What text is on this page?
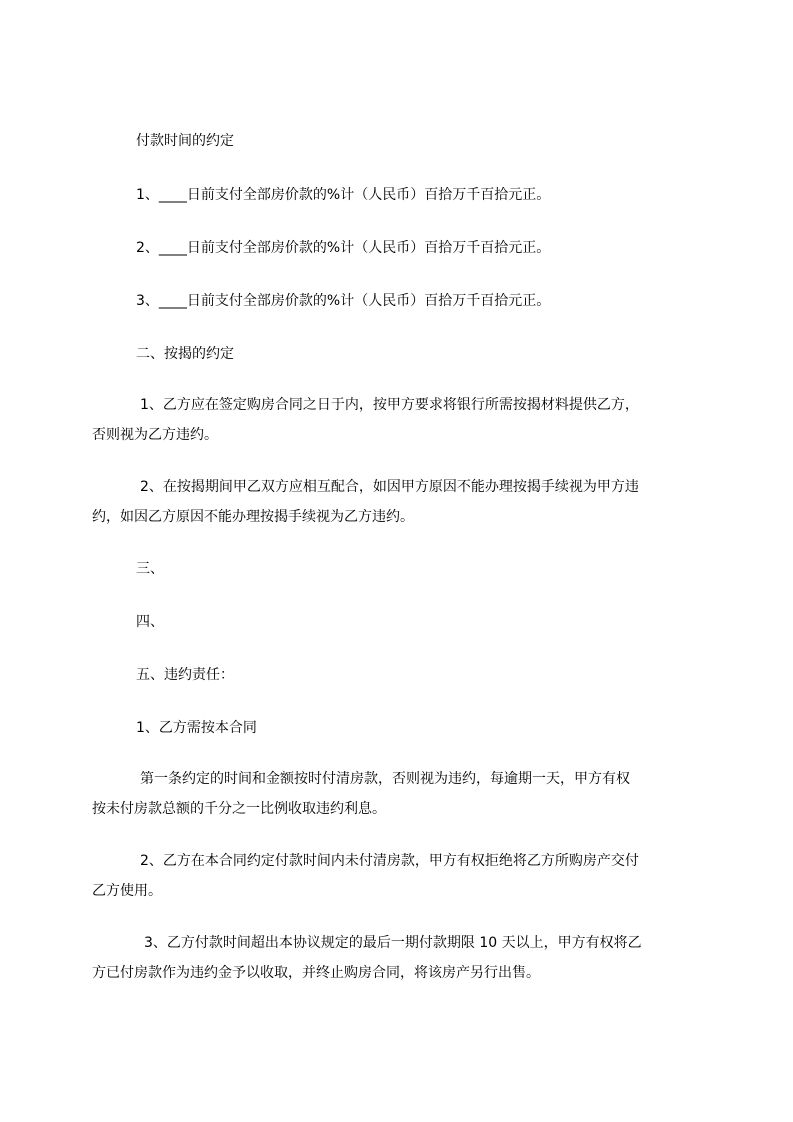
付款时间的约定
1、____日前支付全部房价款的%计（人民币）百拾万千百拾元正。
2、____日前支付全部房价款的%计（人民币）百拾万千百拾元正。
3、____日前支付全部房价款的%计（人民币）百拾万千百拾元正。
二、按揭的约定
1、乙方应在签定购房合同之日于内，按甲方要求将银行所需按揭材料提供乙方，
否则视为乙方违约。
2、在按揭期间甲乙双方应相互配合，如因甲方原因不能办理按揭手续视为甲方违
约，如因乙方原因不能办理按揭手续视为乙方违约。
三、
四、
五、违约责任：
1、乙方需按本合同
第一条约定的时间和金额按时付清房款，否则视为违约，每逾期一天，甲方有权
按未付房款总额的千分之一比例收取违约利息。
2、乙方在本合同约定付款时间内未付清房款，甲方有权拒绝将乙方所购房产交付
乙方使用。
3、乙方付款时间超出本协议规定的最后一期付款期限 10 天以上，甲方有权将乙
方已付房款作为违约金予以收取，并终止购房合同，将该房产另行出售。
